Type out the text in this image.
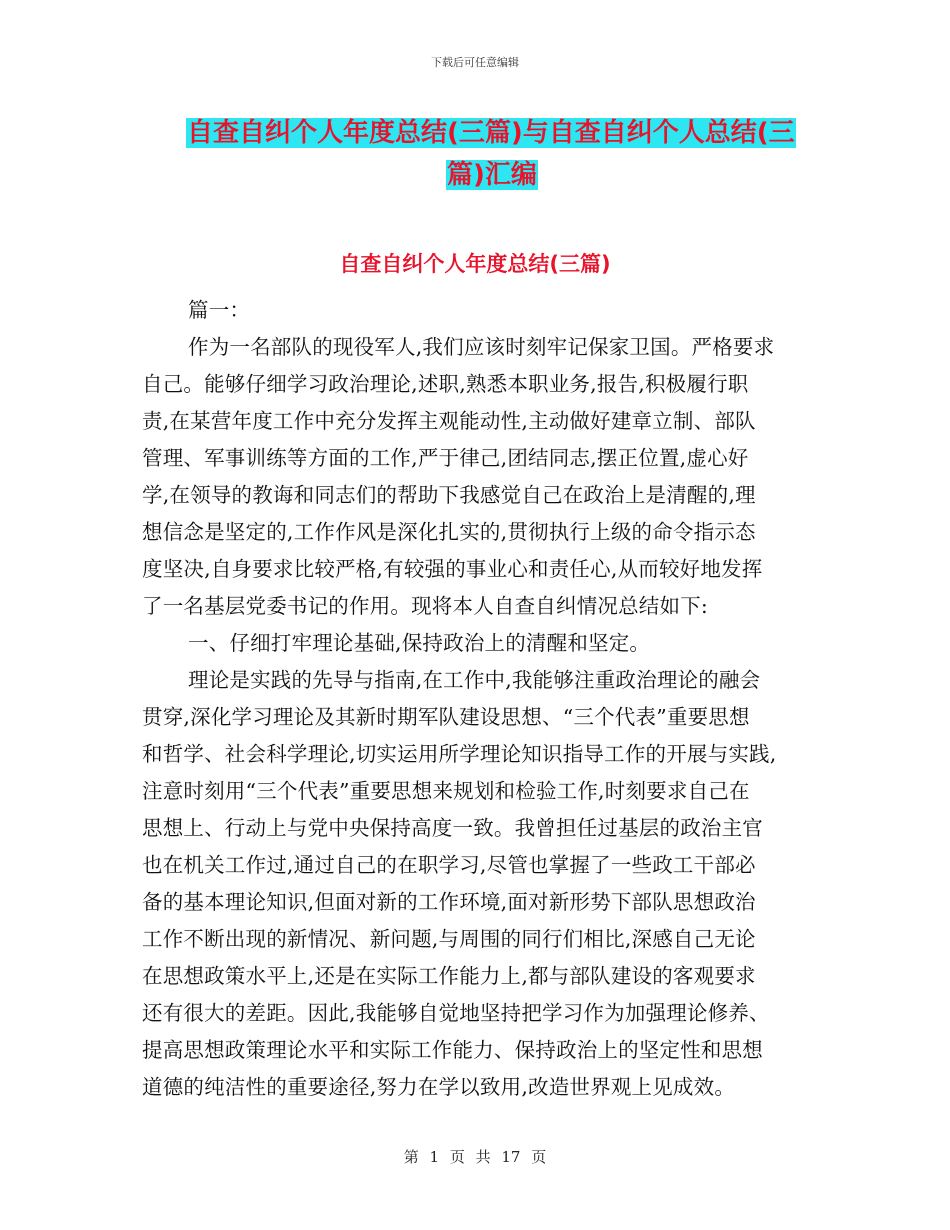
下载后可任意编辑
自查自纠个人年度总结(三篇)与自查自纠个人总结(三
篇)汇编
自查自纠个人年度总结(三篇)
篇一：
作为一名部队的现役军人,我们应该时刻牢记保家卫国。严格要求
自己。能够仔细学习政治理论,述职,熟悉本职业务,报告,积极履行职
责,在某营年度工作中充分发挥主观能动性,主动做好建章立制、部队
管理、军事训练等方面的工作,严于律己,团结同志,摆正位置,虚心好
学,在领导的教诲和同志们的帮助下我感觉自己在政治上是清醒的,理
想信念是坚定的,工作作风是深化扎实的,贯彻执行上级的命令指示态
度坚决,自身要求比较严格,有较强的事业心和责任心,从而较好地发挥
了一名基层党委书记的作用。现将本人自查自纠情况总结如下:
一、仔细打牢理论基础,保持政治上的清醒和坚定。
理论是实践的先导与指南,在工作中,我能够注重政治理论的融会
贯穿,深化学习理论及其新时期军队建设思想、“三个代表”重要思想
和哲学、社会科学理论,切实运用所学理论知识指导工作的开展与实践,
注意时刻用“三个代表”重要思想来规划和检验工作,时刻要求自己在
思想上、行动上与党中央保持高度一致。我曾担任过基层的政治主官
也在机关工作过,通过自己的在职学习,尽管也掌握了一些政工干部必
备的基本理论知识,但面对新的工作环境,面对新形势下部队思想政治
工作不断出现的新情况、新问题,与周围的同行们相比,深感自己无论
在思想政策水平上,还是在实际工作能力上,都与部队建设的客观要求
还有很大的差距。因此,我能够自觉地坚持把学习作为加强理论修养、
提高思想政策理论水平和实际工作能力、保持政治上的坚定性和思想
道德的纯洁性的重要途径,努力在学以致用,改造世界观上见成效。
第 1 页 共 17 页
